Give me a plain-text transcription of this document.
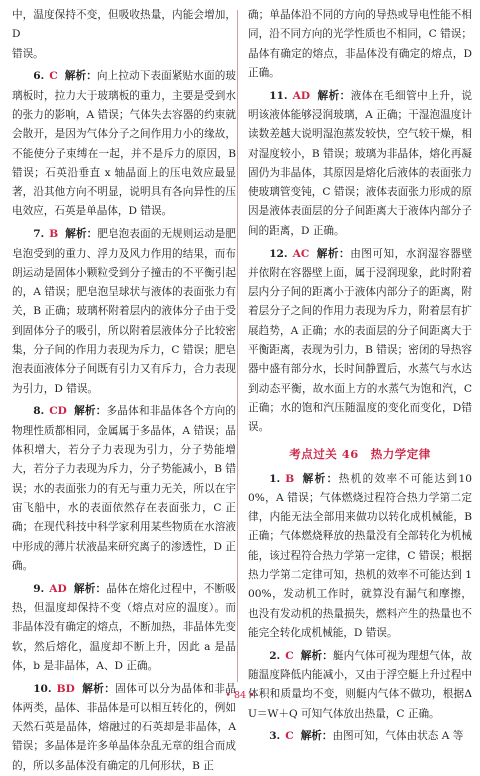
中，温度保持不变，但吸收热量，内能会增加，D
错误。

6. C 解析：向上拉动下表面紧贴水面的玻璃板时，拉力大于玻璃板的重力，主要是受到水的张力的影响，A 错误；气体失去容器的约束就会散开，是因为气体分子之间作用力小的缘故，不能使分子束缚在一起，并不是斥力的原因，B 错误；石英沿垂直 x 轴晶面上的压电效应最显著，沿其他方向不明显，说明具有各向异性的压电效应，石英是单晶体，D 错误。

7. B 解析：肥皂泡表面的无规则运动是肥皂泡受到的重力、浮力及风力作用的结果，而布朗运动是固体小颗粒受到分子撞击的不平衡引起的，A 错误；肥皂泡呈球状与液体的表面张力有关，B 正确；玻璃杯附着层内的液体分子由于受到固体分子的吸引，所以附着层液体分子比较密集，分子间的作用力表现为斥力，C 错误；肥皂泡表面液体分子间既有引力又有斥力，合力表现为引力，D 错误。

8. CD 解析：多晶体和非晶体各个方向的物理性质都相同，金属属于多晶体，A 错误；晶体积增大，若分子力表现为引力，分子势能增大，若分子力表现为斥力，分子势能减小，B 错误；水的表面张力的有无与重力无关，所以在宇宙飞船中，水的表面依然存在表面张力，C 正确；在现代科技中科学家利用某些物质在水溶液中形成的薄片状液晶来研究离子的渗透性，D 正确。

9. AD 解析：晶体在熔化过程中，不断吸热，但温度却保持不变（熔点对应的温度）。而非晶体没有确定的熔点，不断加热，非晶体先变软，然后熔化，温度却不断上升，因此 a 是晶体，b 是非晶体，A、D 正确。

10. BD 解析：固体可以分为晶体和非晶体两类，晶体、非晶体是可以相互转化的，例如天然石英是晶体，熔融过的石英却是非晶体，A错误；多晶体是许多单晶体杂乱无章的组合而成的，所以多晶体没有确定的几何形状，B 正

确；单晶体沿不同的方向的导热或导电性能不相同，沿不同方向的光学性质也不相同，C 错误；晶体有确定的熔点，非晶体没有确定的熔点，D 正确。

11. AD 解析：液体在毛细管中上升，说明该液体能够浸润玻璃，A 正确；干湿泡温度计读数差越大说明湿泡蒸发较快，空气较干燥，相对湿度较小，B 错误；玻璃为非晶体，熔化再凝固仍为非晶体，其原因是熔化后液体的表面张力使玻璃管变钝，C 错误；液体表面张力形成的原因是液体表面层的分子间距离大于液体内部分子间的距离，D 正确。

12. AC 解析：由图可知，水润湿容器壁并依附在容器壁上面，属于浸润现象，此时附着层内分子间的距离小于液体内部分子的距离，附着层分子之间的作用力表现为斥力，附着层有扩展趋势，A 正确；水的表面层的分子间距离大于平衡距离，表现为引力，B 错误；密闭的导热容器中盛有部分水，长时间静置后，水蒸气与水达到动态平衡，故水面上方的水蒸气为饱和汽，C 正确；水的饱和汽压随温度的变化而变化，D错误。

考点过关 46　热力学定律

1. B 解析：热机的效率不可能达到100%，A 错误；气体燃烧过程符合热力学第二定律，内能无法全部用来做功以转化成机械能，B 正确；气体燃烧释放的热量没有全部转化为机械能，该过程符合热力学第一定律，C 错误；根据热力学第二定律可知，热机的效率不可能达到 100%，发动机工作时，就算没有漏气和摩擦，也没有发动机的热量损失，燃料产生的热量也不能完全转化成机械能，D 错误。

2. C 解析：艇内气体可视为理想气体，故随温度降低内能减小，又由于浮空艇上升过程中体积和质量均不变，则艇内气体不做功，根据ΔU＝W＋Q 可知气体放出热量，C 正确。

3. C 解析：由图可知，气体由状态 A 等

• 84 •
